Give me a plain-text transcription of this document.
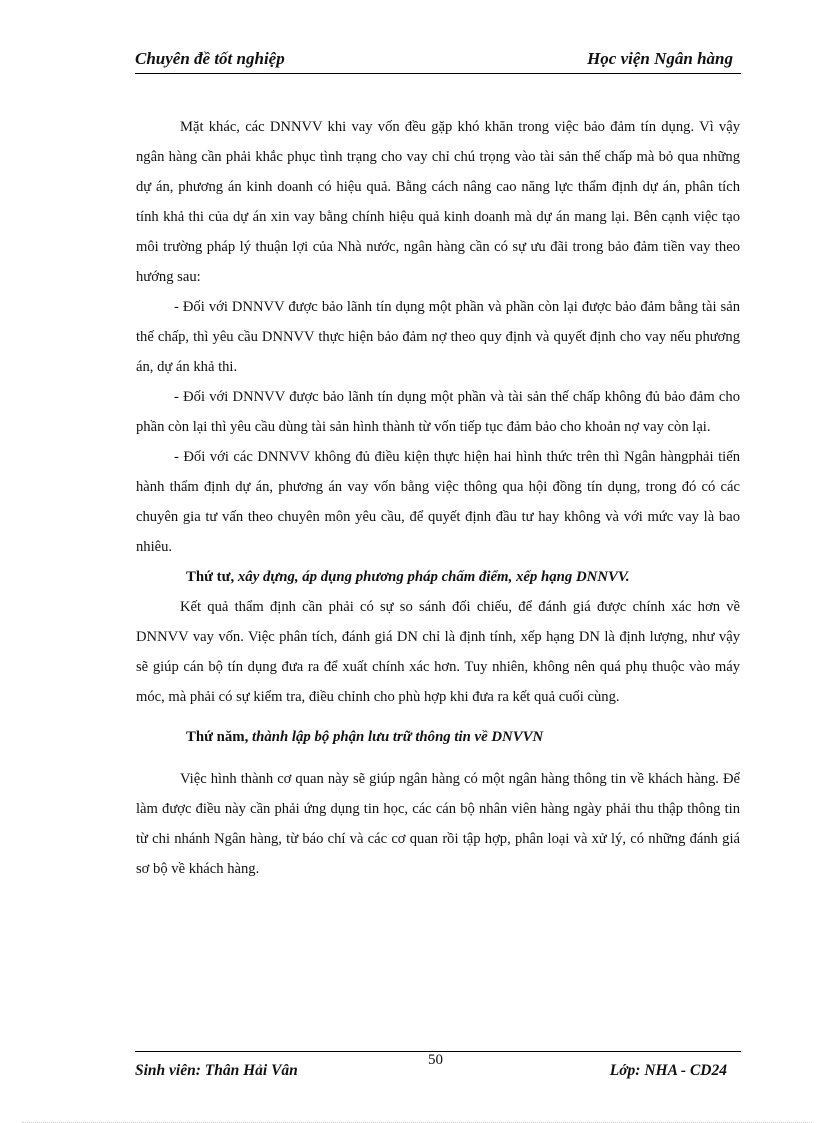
Chuyên đề tốt nghiệp	Học viện Ngân hàng

Mặt khác, các DNNVV khi vay vốn đều gặp khó khăn trong việc bảo đảm tín dụng. Vì vậy ngân hàng cần phải khắc phục tình trạng cho vay chỉ chú trọng vào tài sản thế chấp mà bỏ qua những dự án, phương án kinh doanh có hiệu quả. Bằng cách nâng cao năng lực thẩm định dự án, phân tích tính khả thi của dự án xin vay bằng chính hiệu quả kinh doanh mà dự án mang lại. Bên cạnh việc tạo môi trường pháp lý thuận lợi của Nhà nước, ngân hàng cần có sự ưu đãi trong bảo đảm tiền vay theo hướng sau:

- Đối với DNNVV được bảo lãnh tín dụng một phần và phần còn lại được bảo đảm bằng tài sản thế chấp, thì yêu cầu DNNVV thực hiện bảo đảm nợ theo quy định và quyết định cho vay nếu phương án, dự án khả thi.

- Đối với DNNVV được bảo lãnh tín dụng một phần và tài sản thế chấp không đủ bảo đảm cho phần còn lại thì yêu cầu dùng tài sản hình thành từ vốn tiếp tục đảm bảo cho khoản nợ vay còn lại.

- Đối với các DNNVV không đủ điều kiện thực hiện hai hình thức trên thì Ngân hàngphải tiến hành thẩm định dự án, phương án vay vốn bằng việc thông qua hội đồng tín dụng, trong đó có các chuyên gia tư vấn theo chuyên môn yêu cầu, để quyết định đầu tư hay không và với mức vay là bao nhiêu.

Thứ tư, xây dựng, áp dụng phương pháp chấm điểm, xếp hạng DNNVV.

Kết quả thẩm định cần phải có sự so sánh đối chiếu, để đánh giá được chính xác hơn về DNNVV vay vốn. Việc phân tích, đánh giá DN chỉ là định tính, xếp hạng DN là định lượng, như vậy sẽ giúp cán bộ tín dụng đưa ra để xuất chính xác hơn. Tuy nhiên, không nên quá phụ thuộc vào máy móc, mà phải có sự kiểm tra, điều chỉnh cho phù hợp khi đưa ra kết quả cuối cùng.

Thứ năm, thành lập bộ phận lưu trữ thông tin về DNVVN

Việc hình thành cơ quan này sẽ giúp ngân hàng có một ngân hàng thông tin về khách hàng. Để làm được điều này cần phải ứng dụng tin học, các cán bộ nhân viên hàng ngày phải thu thập thông tin từ chi nhánh Ngân hàng, từ báo chí và các cơ quan rồi tập hợp, phân loại và xử lý, có những đánh giá sơ bộ về khách hàng.

Sinh viên: Thân Hải Vân
50
Lớp: NHA - CD24
